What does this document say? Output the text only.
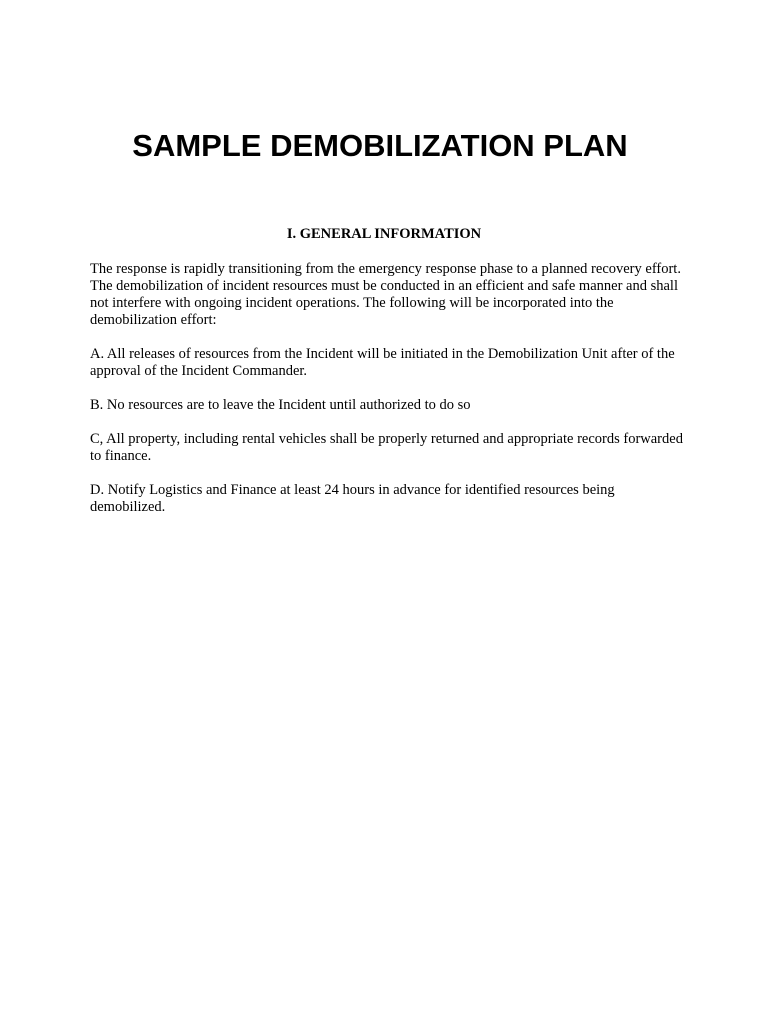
SAMPLE DEMOBILIZATION PLAN
I. GENERAL INFORMATION

The response is rapidly transitioning from the emergency response phase to a planned recovery effort. The demobilization of incident resources must be conducted in an efficient and safe manner and shall not interfere with ongoing incident operations. The following will be incorporated into the demobilization effort:

A. All releases of resources from the Incident will be initiated in the Demobilization Unit after of the approval of the Incident Commander.

B. No resources are to leave the Incident until authorized to do so

C, All property, including rental vehicles shall be properly returned and appropriate records forwarded to finance.

D. Notify Logistics and Finance at least 24 hours in advance for identified resources being demobilized.
